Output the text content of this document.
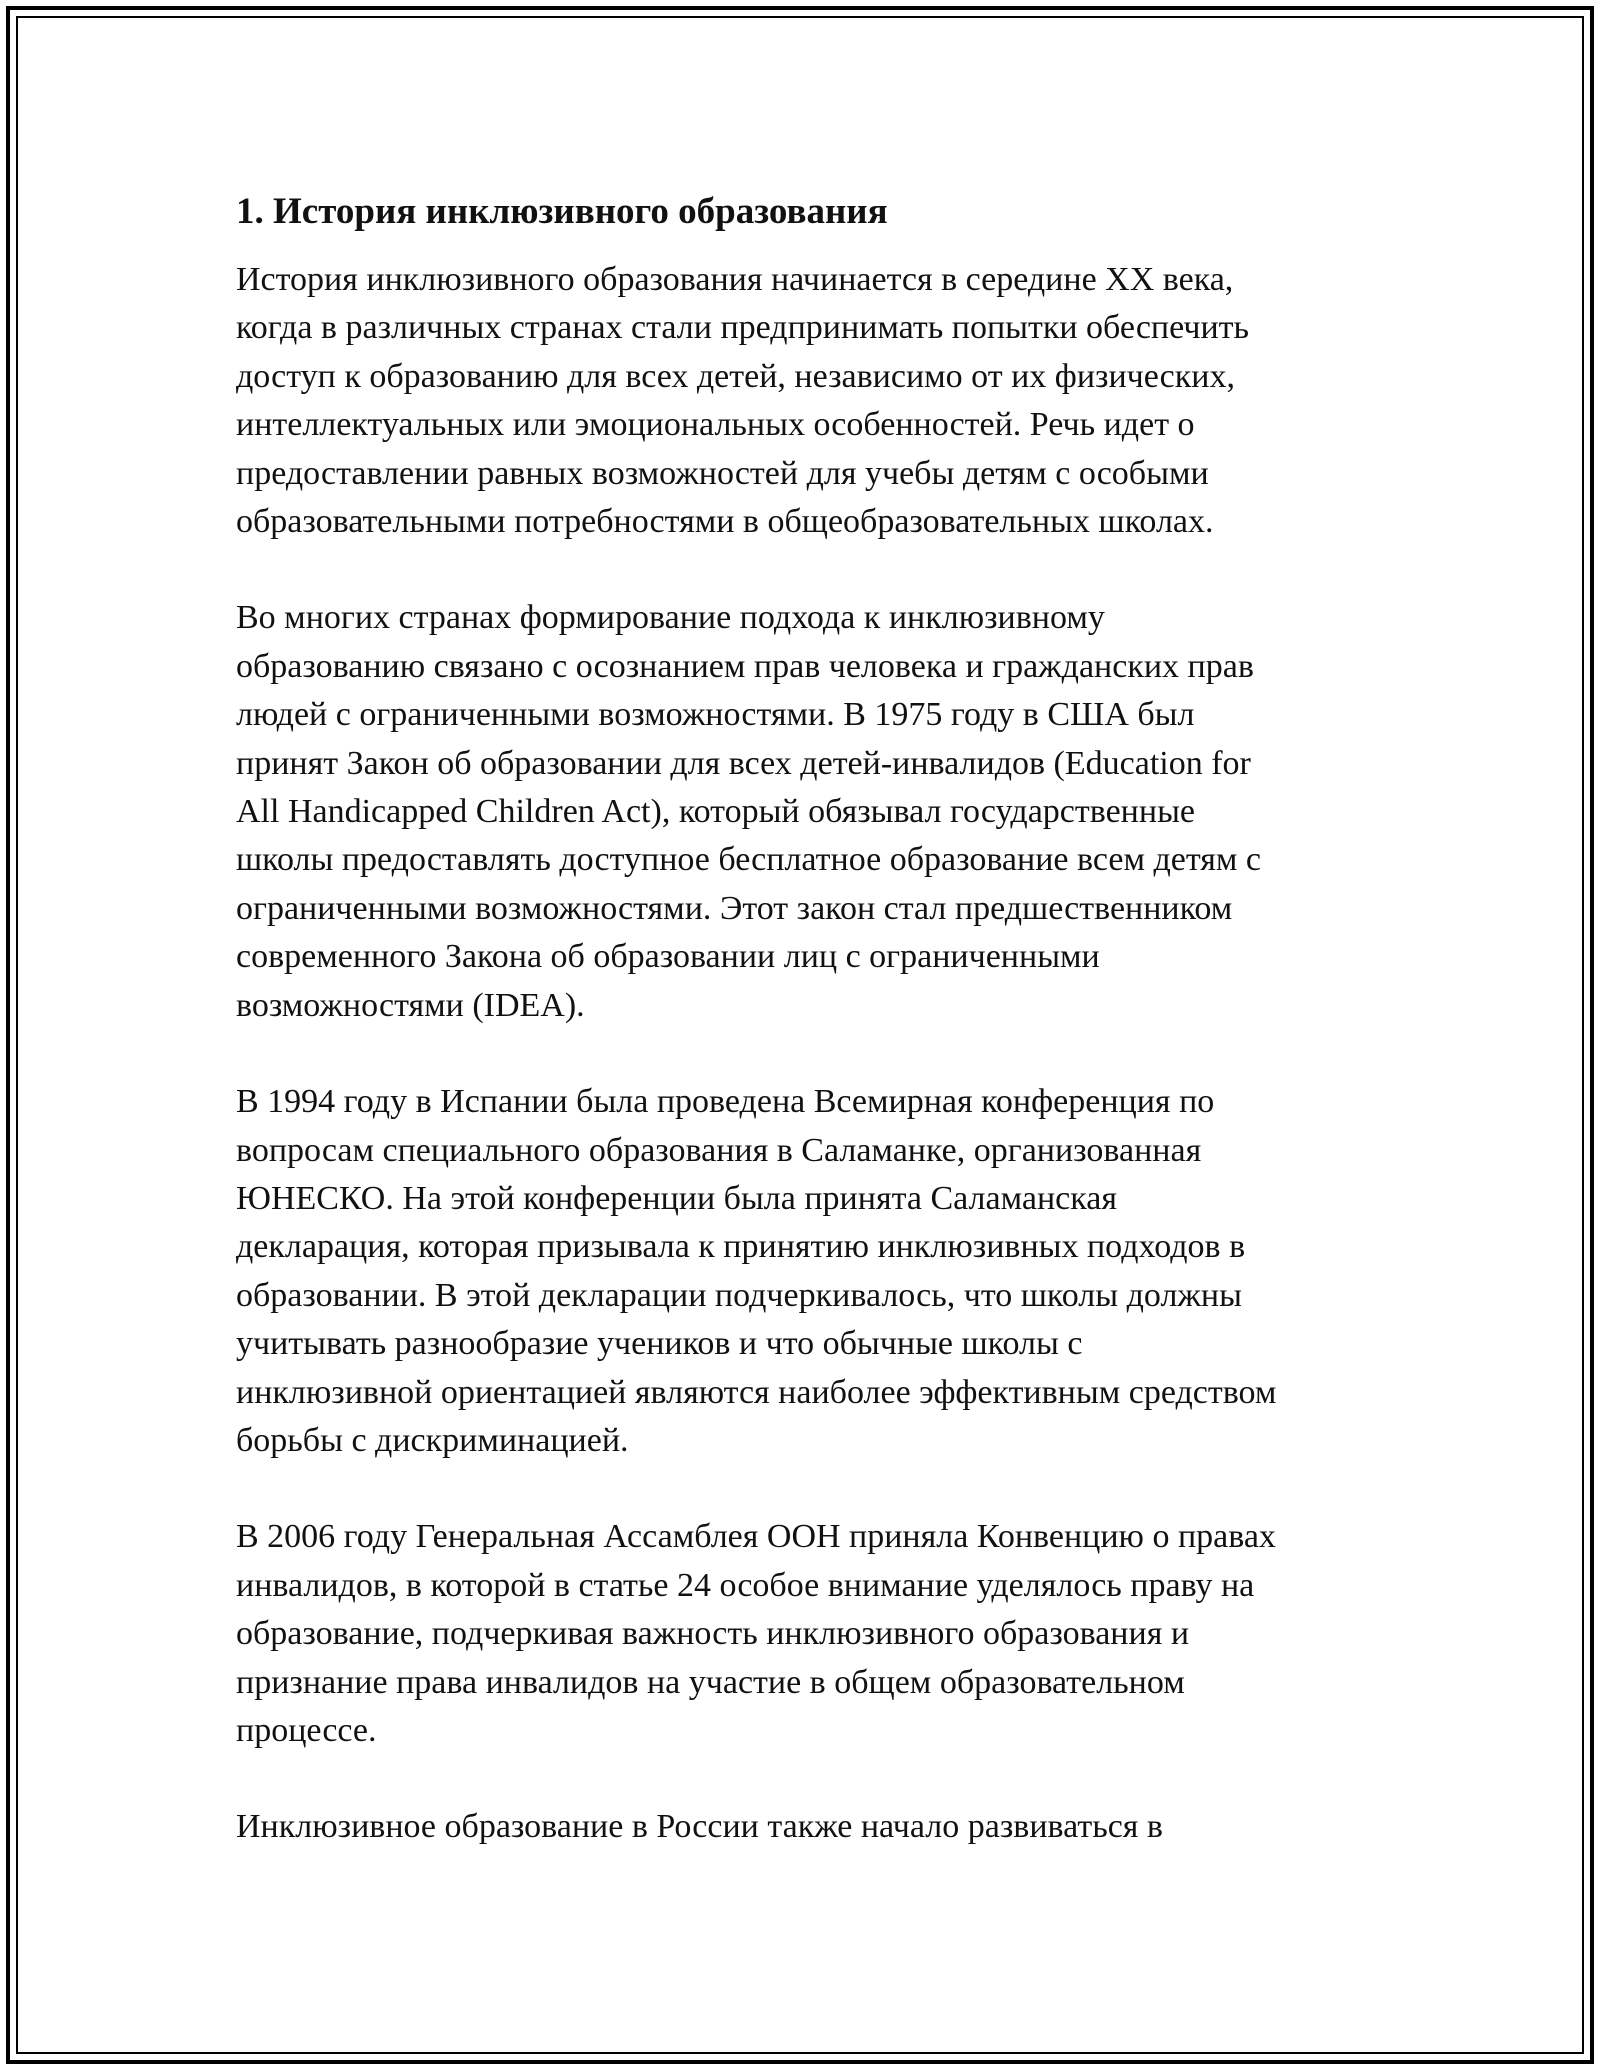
1. История инклюзивного образования
История инклюзивного образования начинается в середине XX века,
когда в различных странах стали предпринимать попытки обеспечить
доступ к образованию для всех детей, независимо от их физических,
интеллектуальных или эмоциональных особенностей. Речь идет о
предоставлении равных возможностей для учебы детям с особыми
образовательными потребностями в общеобразовательных школах.
Во многих странах формирование подхода к инклюзивному
образованию связано с осознанием прав человека и гражданских прав
людей с ограниченными возможностями. В 1975 году в США был
принят Закон об образовании для всех детей-инвалидов (Education for
All Handicapped Children Act), который обязывал государственные
школы предоставлять доступное бесплатное образование всем детям с
ограниченными возможностями. Этот закон стал предшественником
современного Закона об образовании лиц с ограниченными
возможностями (IDEA).
В 1994 году в Испании была проведена Всемирная конференция по
вопросам специального образования в Саламанке, организованная
ЮНЕСКО. На этой конференции была принята Саламанская
декларация, которая призывала к принятию инклюзивных подходов в
образовании. В этой декларации подчеркивалось, что школы должны
учитывать разнообразие учеников и что обычные школы с
инклюзивной ориентацией являются наиболее эффективным средством
борьбы с дискриминацией.
В 2006 году Генеральная Ассамблея ООН приняла Конвенцию о правах
инвалидов, в которой в статье 24 особое внимание уделялось праву на
образование, подчеркивая важность инклюзивного образования и
признание права инвалидов на участие в общем образовательном
процессе.
Инклюзивное образование в России также начало развиваться в
